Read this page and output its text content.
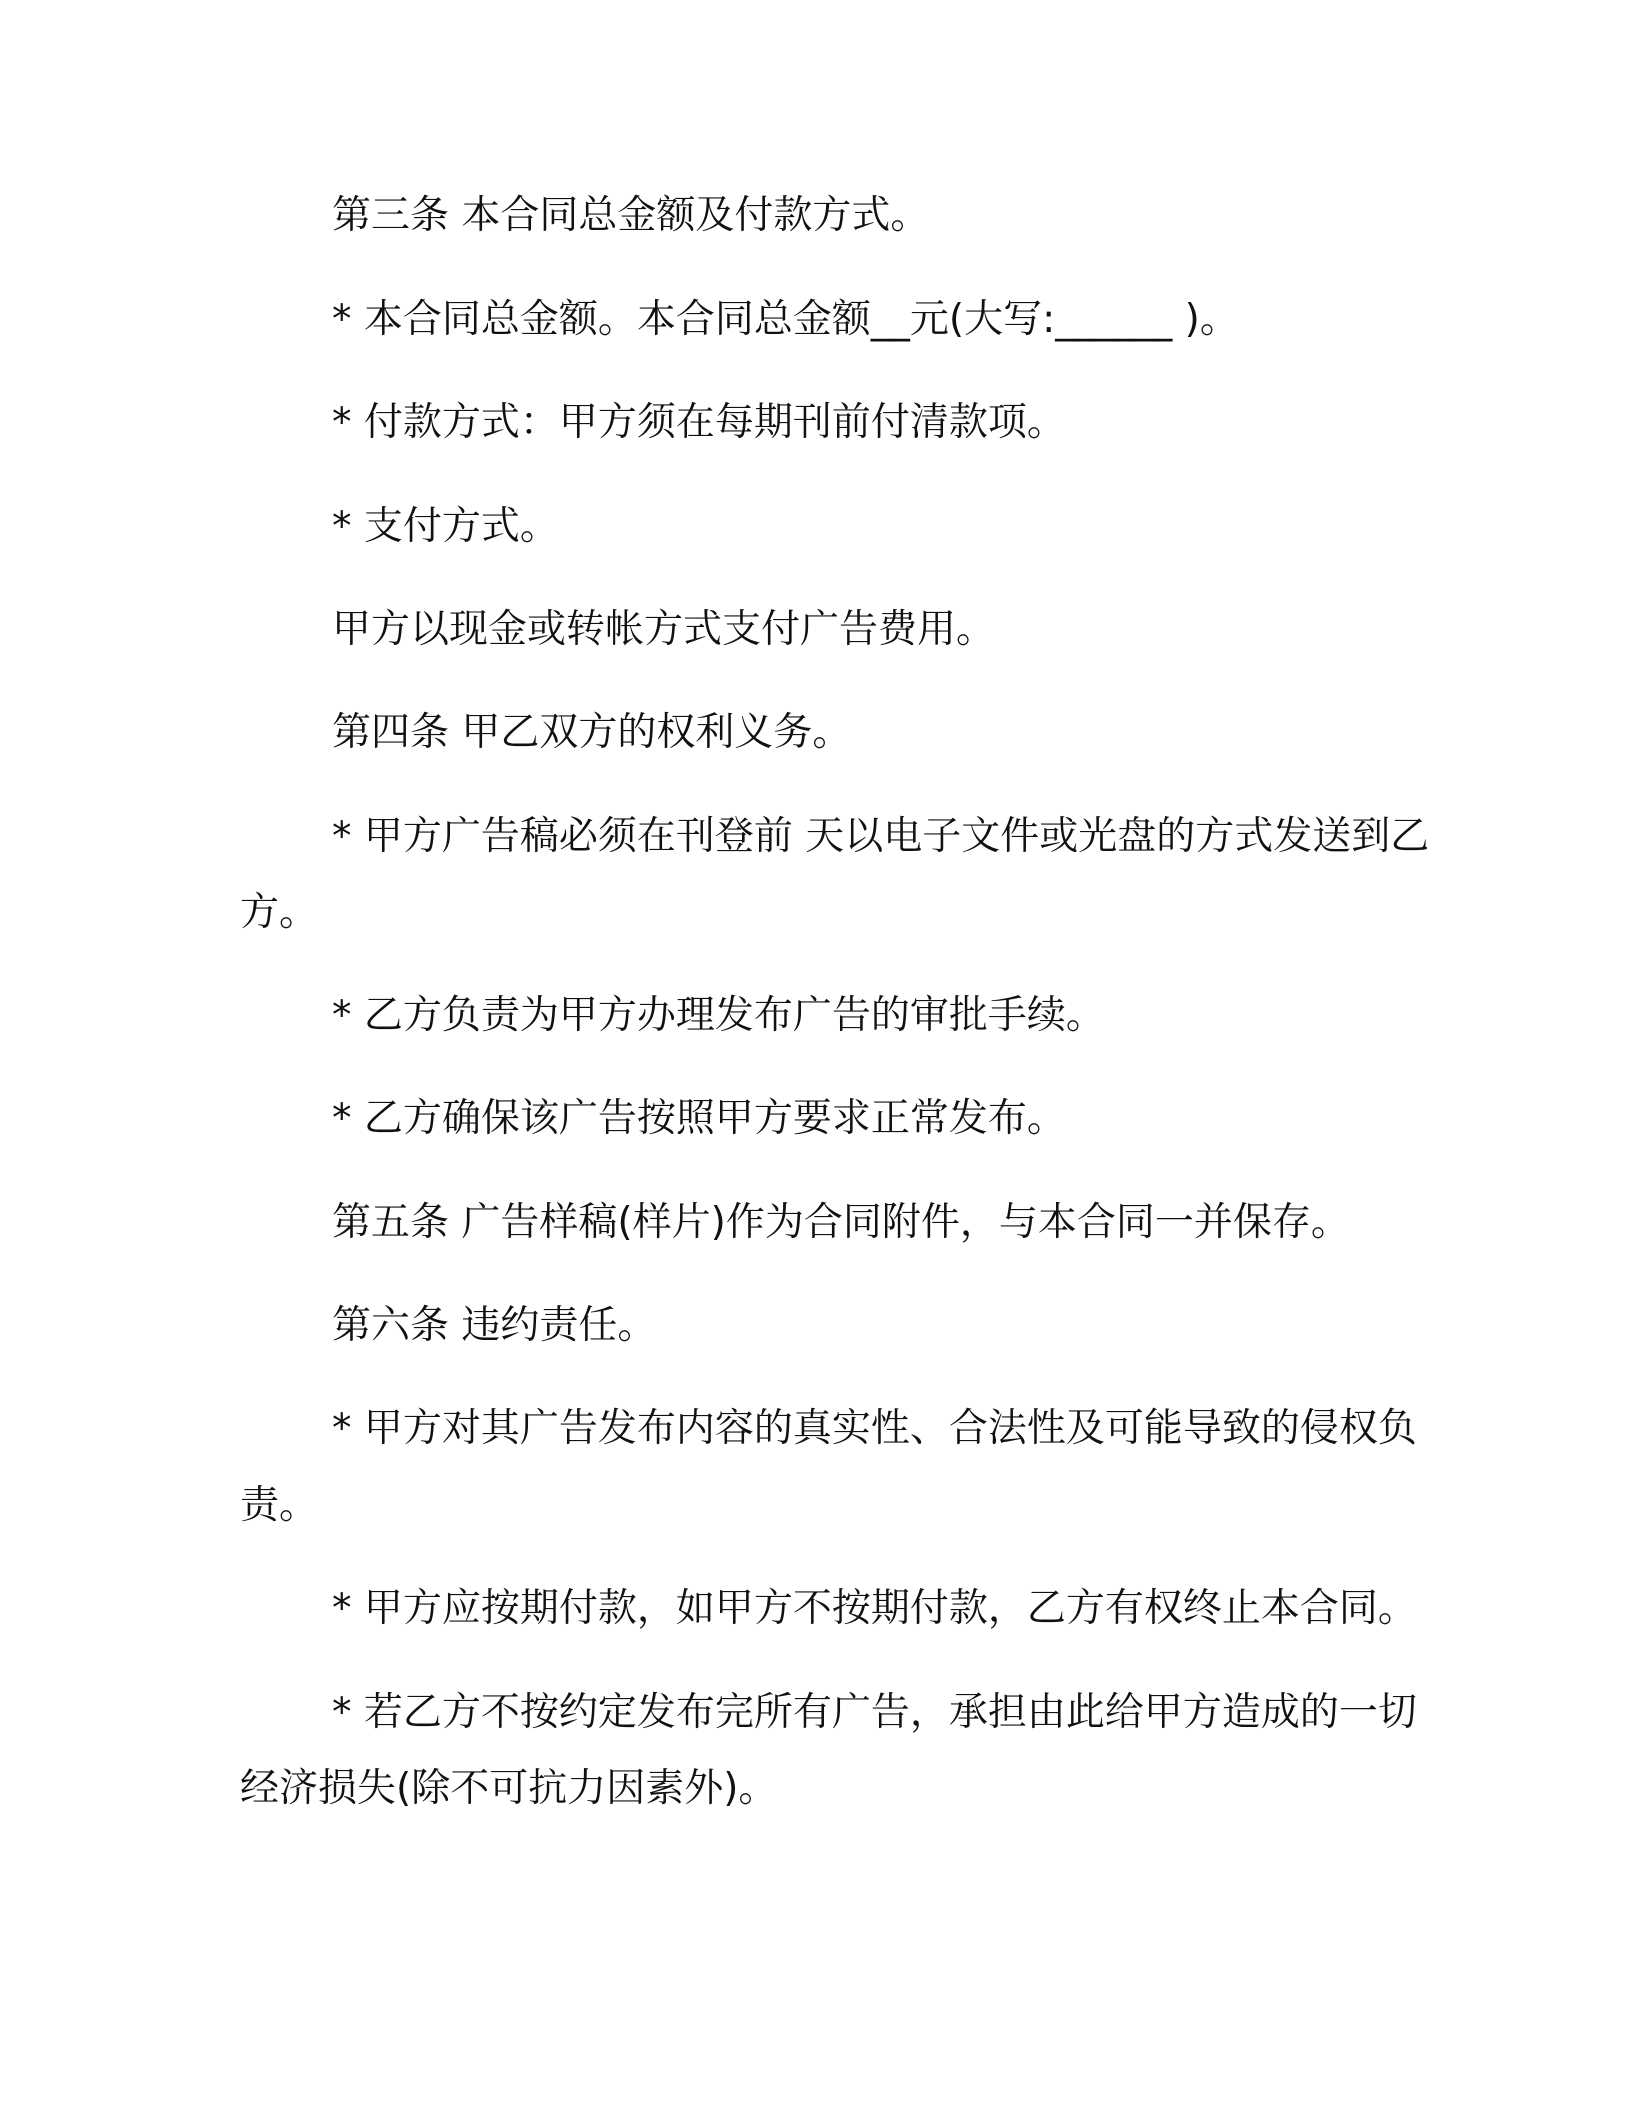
第三条 本合同总金额及付款方式。
* 本合同总金额。本合同总金额__元(大写:______ )。
* 付款方式：甲方须在每期刊前付清款项。
* 支付方式。
甲方以现金或转帐方式支付广告费用。
第四条 甲乙双方的权利义务。
* 甲方广告稿必须在刊登前 天以电子文件或光盘的方式发送到乙
方。
* 乙方负责为甲方办理发布广告的审批手续。
* 乙方确保该广告按照甲方要求正常发布。
第五条 广告样稿(样片)作为合同附件，与本合同一并保存。
第六条 违约责任。
* 甲方对其广告发布内容的真实性、合法性及可能导致的侵权负
责。
* 甲方应按期付款，如甲方不按期付款，乙方有权终止本合同。
* 若乙方不按约定发布完所有广告，承担由此给甲方造成的一切
经济损失(除不可抗力因素外)。
